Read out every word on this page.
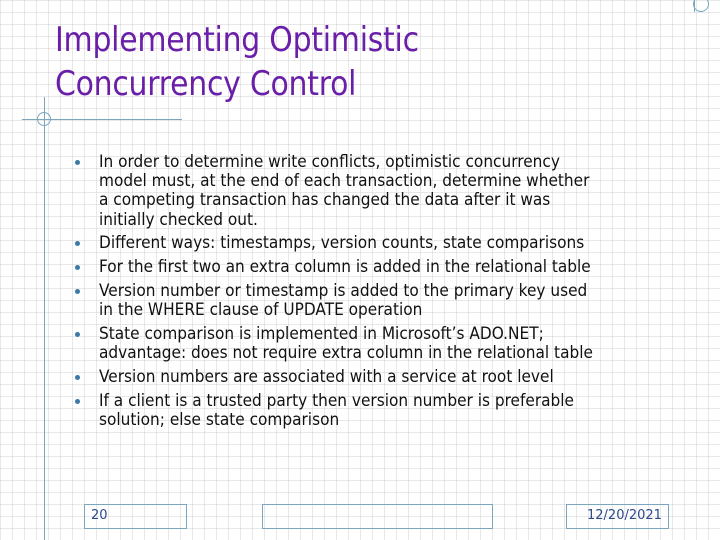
Implementing Optimistic
Concurrency Control
In order to determine write conflicts, optimistic concurrency
model must, at the end of each transaction, determine whether
a competing transaction has changed the data after it was
initially checked out.
Different ways: timestamps, version counts, state comparisons
For the first two an extra column is added in the relational table
Version number or timestamp is added to the primary key used
in the WHERE clause of UPDATE operation
State comparison is implemented in Microsoft’s ADO.NET;
advantage: does not require extra column in the relational table
Version numbers are associated with a service at root level
If a client is a trusted party then version number is preferable
solution; else state comparison
20	12/20/2021
